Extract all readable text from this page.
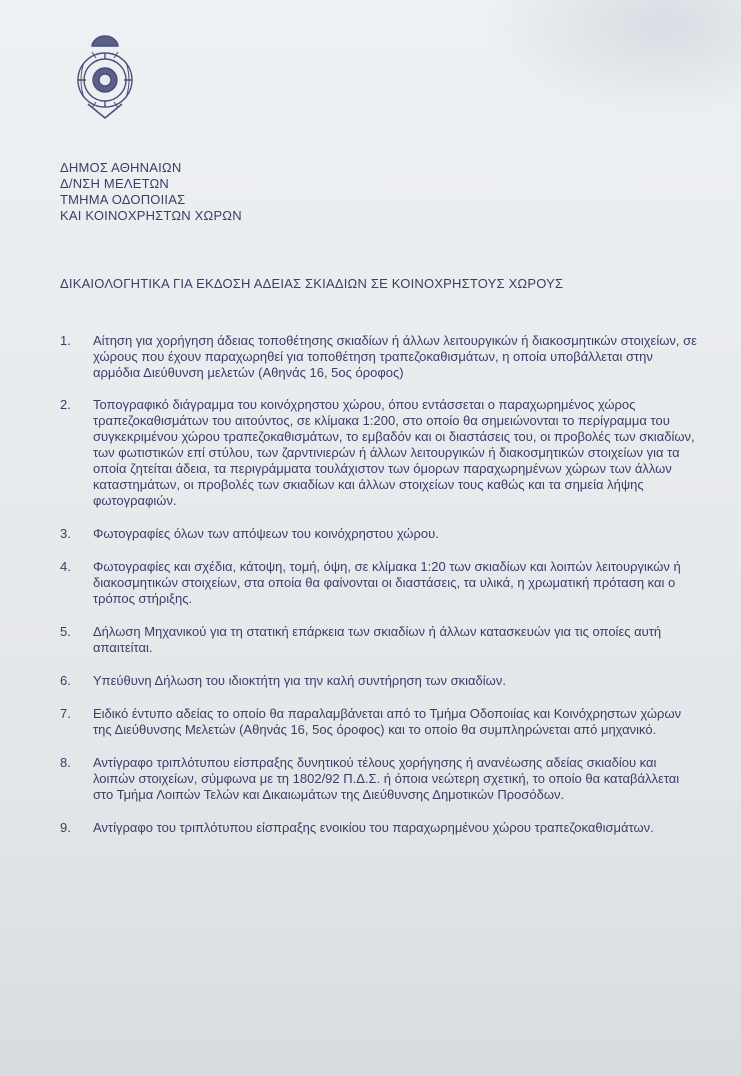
ΔΗΜΟΣ ΑΘΗΝΑΙΩΝ
Δ/ΝΣΗ ΜΕΛΕΤΩΝ
ΤΜΗΜΑ ΟΔΟΠΟΙΙΑΣ
ΚΑΙ ΚΟΙΝΟΧΡΗΣΤΩΝ ΧΩΡΩΝ
ΔΙΚΑΙΟΛΟΓΗΤΙΚΑ ΓΙΑ ΕΚΔΟΣΗ ΑΔΕΙΑΣ ΣΚΙΑΔΙΩΝ ΣΕ ΚΟΙΝΟΧΡΗΣΤΟΥΣ ΧΩΡΟΥΣ
1.	Αίτηση για χορήγηση άδειας τοποθέτησης σκιαδίων ή άλλων λειτουργικών ή διακοσμητικών στοιχείων, σε χώρους που έχουν παραχωρηθεί για τοποθέτηση τραπεζοκαθισμάτων, η οποία υποβάλλεται στην αρμόδια Διεύθυνση μελετών (Αθηνάς 16, 5ος όροφος)
2.	Τοπογραφικό διάγραμμα του κοινόχρηστου χώρου, όπου εντάσσεται ο παραχωρημένος χώρος τραπεζοκαθισμάτων του αιτούντος, σε κλίμακα 1:200, στο οποίο θα σημειώνονται το περίγραμμα του συγκεκριμένου χώρου τραπεζοκαθισμάτων, το εμβαδόν και οι διαστάσεις του, οι προβολές των σκιαδίων, των φωτιστικών επί στύλου, των ζαρντινιερών ή άλλων λειτουργικών ή διακοσμητικών στοιχείων για τα οποία ζητείται άδεια, τα περιγράμματα τουλάχιστον των όμορων παραχωρημένων χώρων των άλλων καταστημάτων, οι προβολές των σκιαδίων και άλλων στοιχείων τους καθώς και τα σημεία λήψης φωτογραφιών.
3.	Φωτογραφίες όλων των απόψεων του κοινόχρηστου χώρου.
4.	Φωτογραφίες και σχέδια, κάτοψη, τομή, όψη, σε κλίμακα 1:20 των σκιαδίων και λοιπών λειτουργικών ή διακοσμητικών στοιχείων, στα οποία θα φαίνονται οι διαστάσεις, τα υλικά, η χρωματική πρόταση και ο τρόπος στήριξης.
5.	Δήλωση Μηχανικού για τη στατική επάρκεια των σκιαδίων ή άλλων κατασκευών για τις οποίες αυτή απαιτείται.
6.	Υπεύθυνη Δήλωση του ιδιοκτήτη για την καλή συντήρηση των σκιαδίων.
7.	Ειδικό έντυπο αδείας το οποίο θα παραλαμβάνεται από το Τμήμα Οδοποιίας και Κοινόχρηστων χώρων της Διεύθυνσης Μελετών (Αθηνάς 16, 5ος όροφος) και το οποίο θα συμπληρώνεται από μηχανικό.
8.	Αντίγραφο τριπλότυπου είσπραξης δυνητικού τέλους χορήγησης ή ανανέωσης αδείας σκιαδίου και λοιπών στοιχείων, σύμφωνα με τη 1802/92 Π.Δ.Σ. ή όποια νεώτερη σχετική, το οποίο θα καταβάλλεται στο Τμήμα Λοιπών Τελών και Δικαιωμάτων της Διεύθυνσης Δημοτικών Προσόδων.
9.	Αντίγραφο του τριπλότυπου είσπραξης ενοικίου του παραχωρημένου χώρου τραπεζοκαθισμάτων.
